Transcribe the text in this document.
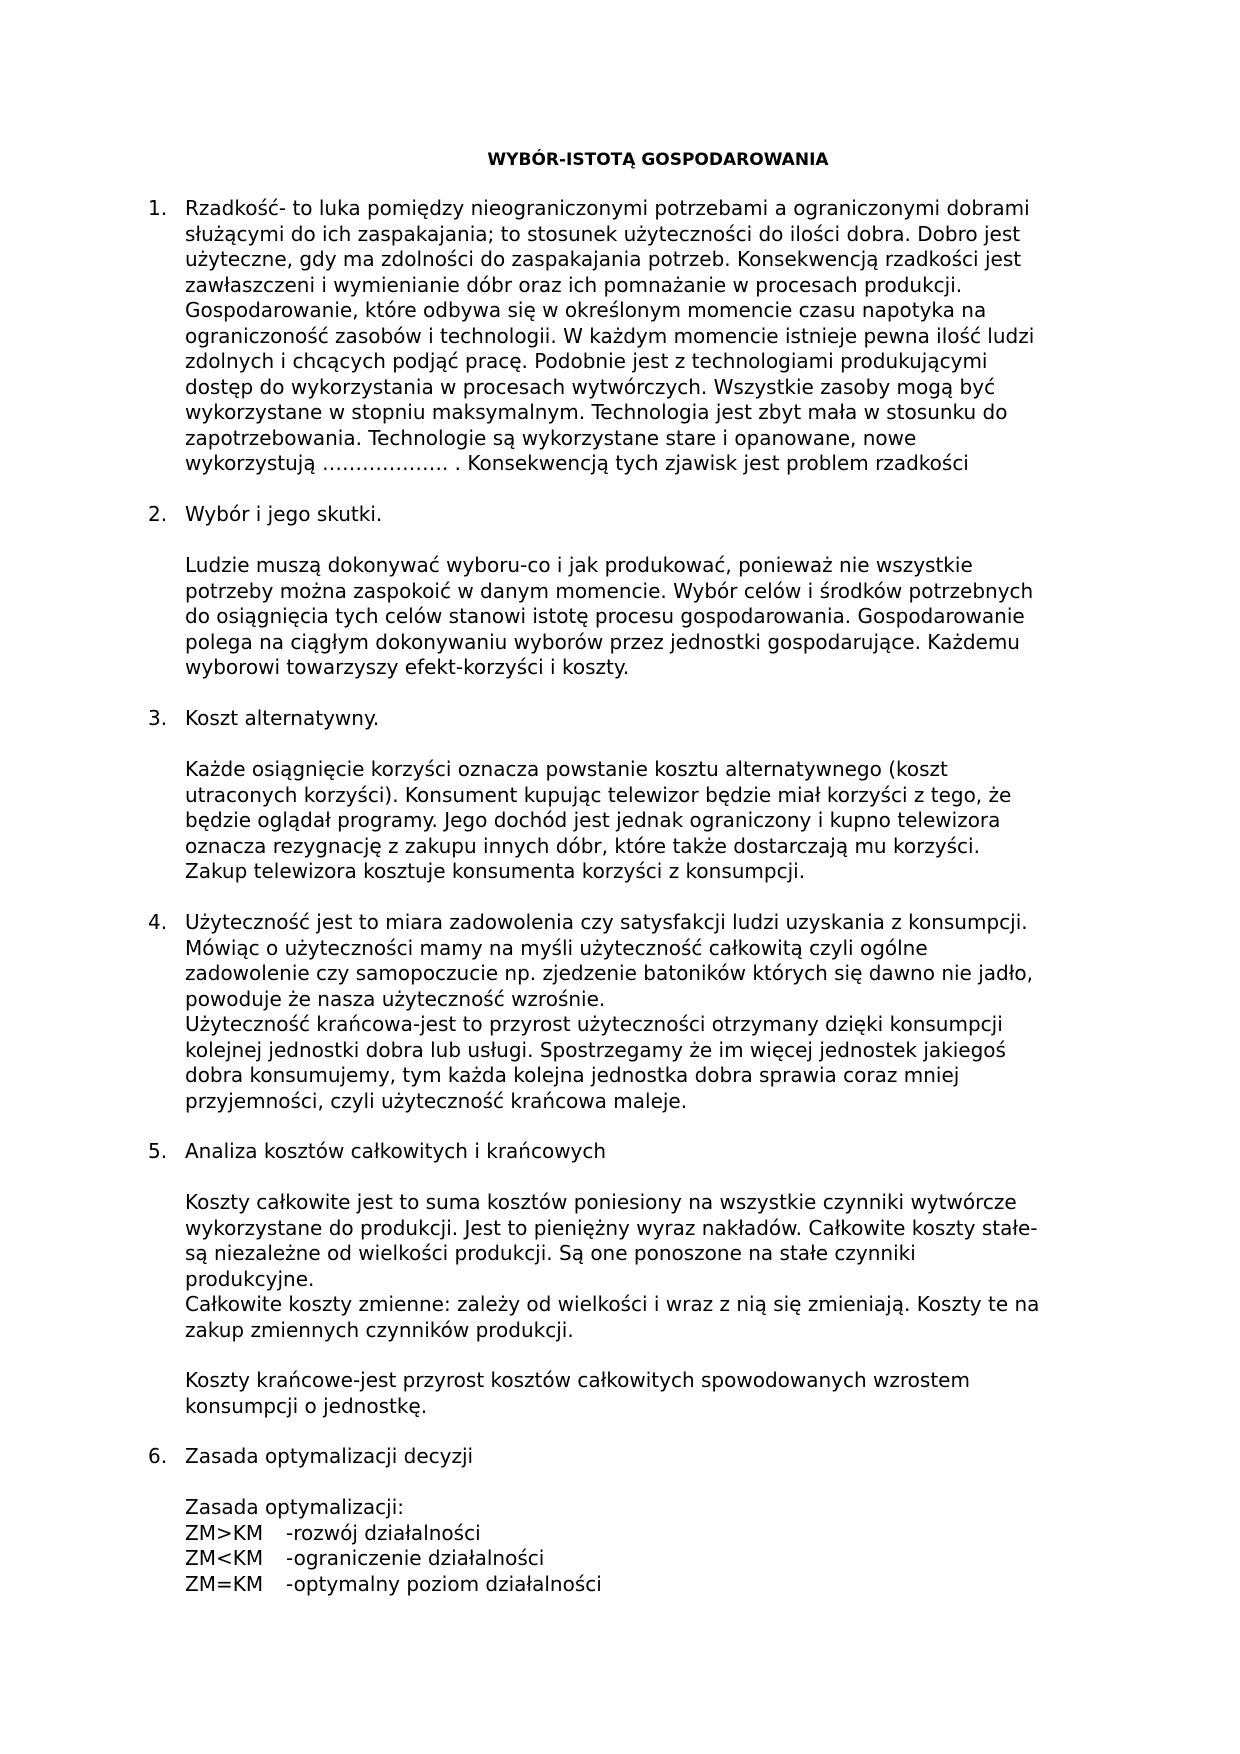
WYBÓR-ISTOTĄ GOSPODAROWANIA
1. Rzadkość- to luka pomiędzy nieograniczonymi potrzebami a ograniczonymi dobrami
służącymi do ich zaspakajania; to stosunek użyteczności do ilości dobra. Dobro jest
użyteczne, gdy ma zdolności do zaspakajania potrzeb. Konsekwencją rzadkości jest
zawłaszczeni i wymienianie dóbr oraz ich pomnażanie w procesach produkcji.
Gospodarowanie, które odbywa się w określonym momencie czasu napotyka na
ograniczoność zasobów i technologii. W każdym momencie istnieje pewna ilość ludzi
zdolnych i chcących podjąć pracę. Podobnie jest z technologiami produkującymi
dostęp do wykorzystania w procesach wytwórczych. Wszystkie zasoby mogą być
wykorzystane w stopniu maksymalnym. Technologia jest zbyt mała w stosunku do
zapotrzebowania. Technologie są wykorzystane stare i opanowane, nowe
wykorzystują ………………. . Konsekwencją tych zjawisk jest problem rzadkości
2. Wybór i jego skutki.
Ludzie muszą dokonywać wyboru-co i jak produkować, ponieważ nie wszystkie
potrzeby można zaspokoić w danym momencie. Wybór celów i środków potrzebnych
do osiągnięcia tych celów stanowi istotę procesu gospodarowania. Gospodarowanie
polega na ciągłym dokonywaniu wyborów przez jednostki gospodarujące. Każdemu
wyborowi towarzyszy efekt-korzyści i koszty.
3. Koszt alternatywny.
Każde osiągnięcie korzyści oznacza powstanie kosztu alternatywnego (koszt
utraconych korzyści). Konsument kupując telewizor będzie miał korzyści z tego, że
będzie oglądał programy. Jego dochód jest jednak ograniczony i kupno telewizora
oznacza rezygnację z zakupu innych dóbr, które także dostarczają mu korzyści.
Zakup telewizora kosztuje konsumenta korzyści z konsumpcji.
4. Użyteczność jest to miara zadowolenia czy satysfakcji ludzi uzyskania z konsumpcji.
Mówiąc o użyteczności mamy na myśli użyteczność całkowitą czyli ogólne
zadowolenie czy samopoczucie np. zjedzenie batoników których się dawno nie jadło,
powoduje że nasza użyteczność wzrośnie.
Użyteczność krańcowa-jest to przyrost użyteczności otrzymany dzięki konsumpcji
kolejnej jednostki dobra lub usługi. Spostrzegamy że im więcej jednostek jakiegoś
dobra konsumujemy, tym każda kolejna jednostka dobra sprawia coraz mniej
przyjemności, czyli użyteczność krańcowa maleje.
5. Analiza kosztów całkowitych i krańcowych
Koszty całkowite jest to suma kosztów poniesiony na wszystkie czynniki wytwórcze
wykorzystane do produkcji. Jest to pieniężny wyraz nakładów. Całkowite koszty stałe-
są niezależne od wielkości produkcji. Są one ponoszone na stałe czynniki
produkcyjne.
Całkowite koszty zmienne: zależy od wielkości i wraz z nią się zmieniają. Koszty te na
zakup zmiennych czynników produkcji.
Koszty krańcowe-jest przyrost kosztów całkowitych spowodowanych wzrostem
konsumpcji o jednostkę.
6. Zasada optymalizacji decyzji
Zasada optymalizacji:
ZM>KM -rozwój działalności
ZM<KM -ograniczenie działalności
ZM=KM -optymalny poziom działalności
